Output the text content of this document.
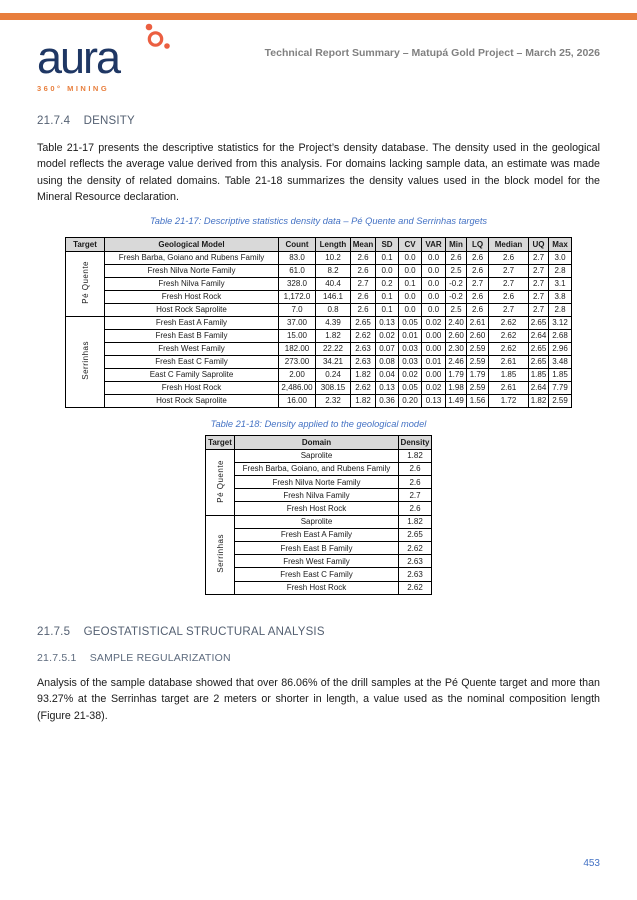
aura
360° MINING
Technical Report Summary – Matupá Gold Project – March 25, 2026
21.7.4 DENSITY

Table 21-17 presents the descriptive statistics for the Project’s density database. The density used in the geological model reflects the average value derived from this analysis. For domains lacking sample data, an estimate was made using the density of related domains. Table 21-18 summarizes the density values used in the block model for the Mineral Resource declaration.

Table 21-17: Descriptive statistics density data – Pé Quente and Serrinhas targets
Target	Geological Model	Count	Length	Mean	SD	CV	VAR	Min	LQ	Median	UQ	Max
Pé Quente	Fresh Barba, Goiano and Rubens Family	83.0	10.2	2.6	0.1	0.0	0.0	2.6	2.6	2.6	2.7	3.0
	Fresh Nilva Norte Family	61.0	8.2	2.6	0.0	0.0	0.0	2.5	2.6	2.7	2.7	2.8
	Fresh Nilva Family	328.0	40.4	2.7	0.2	0.1	0.0	-0.2	2.7	2.7	2.7	3.1
	Fresh Host Rock	1,172.0	146.1	2.6	0.1	0.0	0.0	-0.2	2.6	2.6	2.7	3.8
	Host Rock Saprolite	7.0	0.8	2.6	0.1	0.0	0.0	2.5	2.6	2.7	2.7	2.8
Serrinhas	Fresh East A Family	37.00	4.39	2.65	0.13	0.05	0.02	2.40	2.61	2.62	2.65	3.12
	Fresh East B Family	15.00	1.82	2.62	0.02	0.01	0.00	2.60	2.60	2.62	2.64	2.68
	Fresh West Family	182.00	22.22	2.63	0.07	0.03	0.00	2.30	2.59	2.62	2.65	2.96
	Fresh East C Family	273.00	34.21	2.63	0.08	0.03	0.01	2.46	2.59	2.61	2.65	3.48
	East C Family Saprolite	2.00	0.24	1.82	0.04	0.02	0.00	1.79	1.79	1.85	1.85	1.85
	Fresh Host Rock	2,486.00	308.15	2.62	0.13	0.05	0.02	1.98	2.59	2.61	2.64	7.79
	Host Rock Saprolite	16.00	2.32	1.82	0.36	0.20	0.13	1.49	1.56	1.72	1.82	2.59
Table 21-18: Density applied to the geological model
Target	Domain	Density
Pé Quente	Saprolite	1.82
	Fresh Barba, Goiano, and Rubens Family	2.6
	Fresh Nilva Norte Family	2.6
	Fresh Nilva Family	2.7
	Fresh Host Rock	2.6
Serrinhas	Saprolite	1.82
	Fresh East A Family	2.65
	Fresh East B Family	2.62
	Fresh West Family	2.63
	Fresh East C Family	2.63
	Fresh Host Rock	2.62
21.7.5 GEOSTATISTICAL STRUCTURAL ANALYSIS
21.7.5.1 SAMPLE REGULARIZATION

Analysis of the sample database showed that over 86.06% of the drill samples at the Pé Quente target and more than 93.27% at the Serrinhas target are 2 meters or shorter in length, a value used as the nominal composition length (Figure 21-38).

453
